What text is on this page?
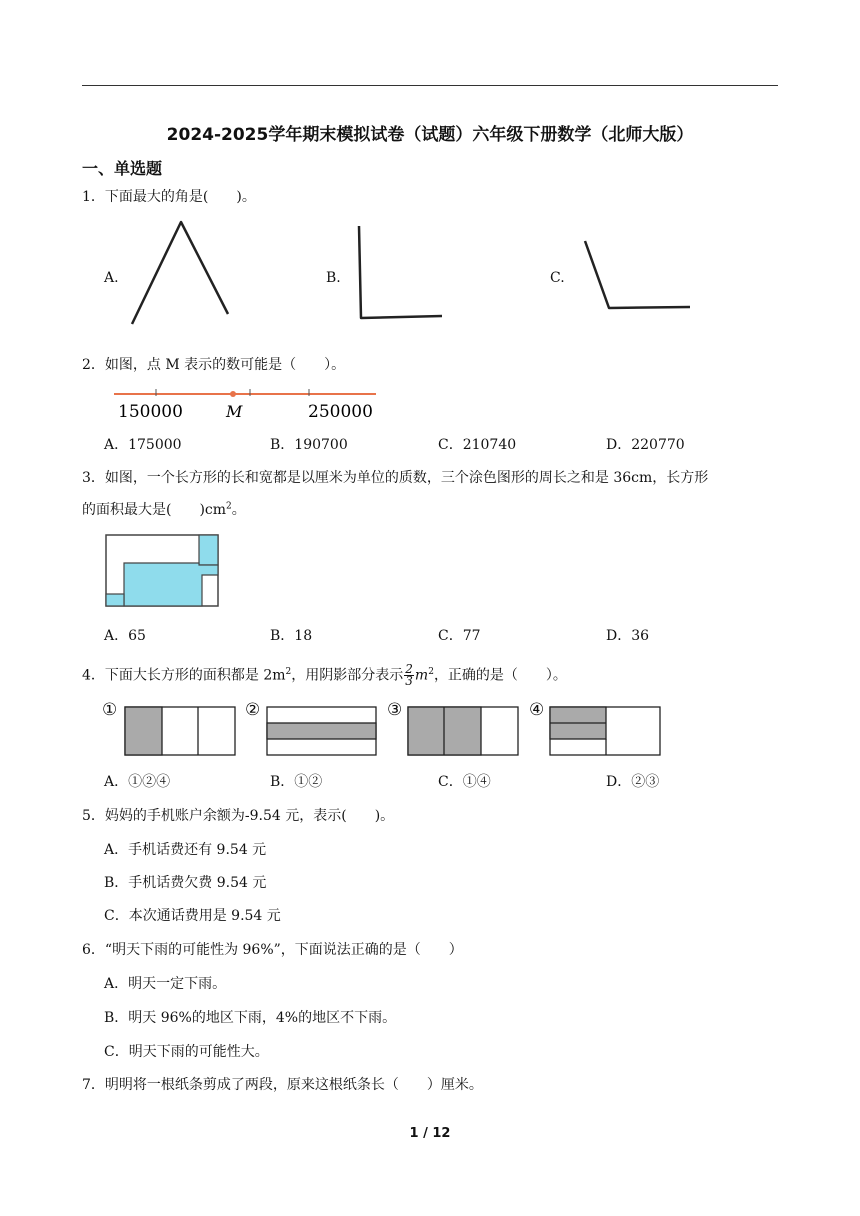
2024-2025学年期末模拟试卷（试题）六年级下册数学（北师大版）
一、单选题
1．下面最大的角是(　　)。
A.	B.	C.
2．如图，点 M 表示的数可能是（　　）。
150000	M	250000
A．175000	B．190700	C．210740	D．220770
3．如图，一个长方形的长和宽都是以厘米为单位的质数，三个涂色图形的周长之和是 36cm，长方形
的面积最大是(　　)$cm^2$。
A．65	B．18	C．77	D．36
4．下面大长方形的面积都是 $2m^2$，用阴影部分表示 $\frac{2}{3} m^2$，正确的是（　　）。
①	②	③	④
A．①②④	B．①②	C．①④	D．②③
5．妈妈的手机账户余额为-9.54 元，表示(　　)。
A．手机话费还有 9.54 元
B．手机话费欠费 9.54 元
C．本次通话费用是 9.54 元
6．“明天下雨的可能性为 96%”，下面说法正确的是（　　）
A．明天一定下雨。
B．明天 96%的地区下雨，4%的地区不下雨。
C．明天下雨的可能性大。
7．明明将一根纸条剪成了两段，原来这根纸条长（　　）厘米。
1 / 12
